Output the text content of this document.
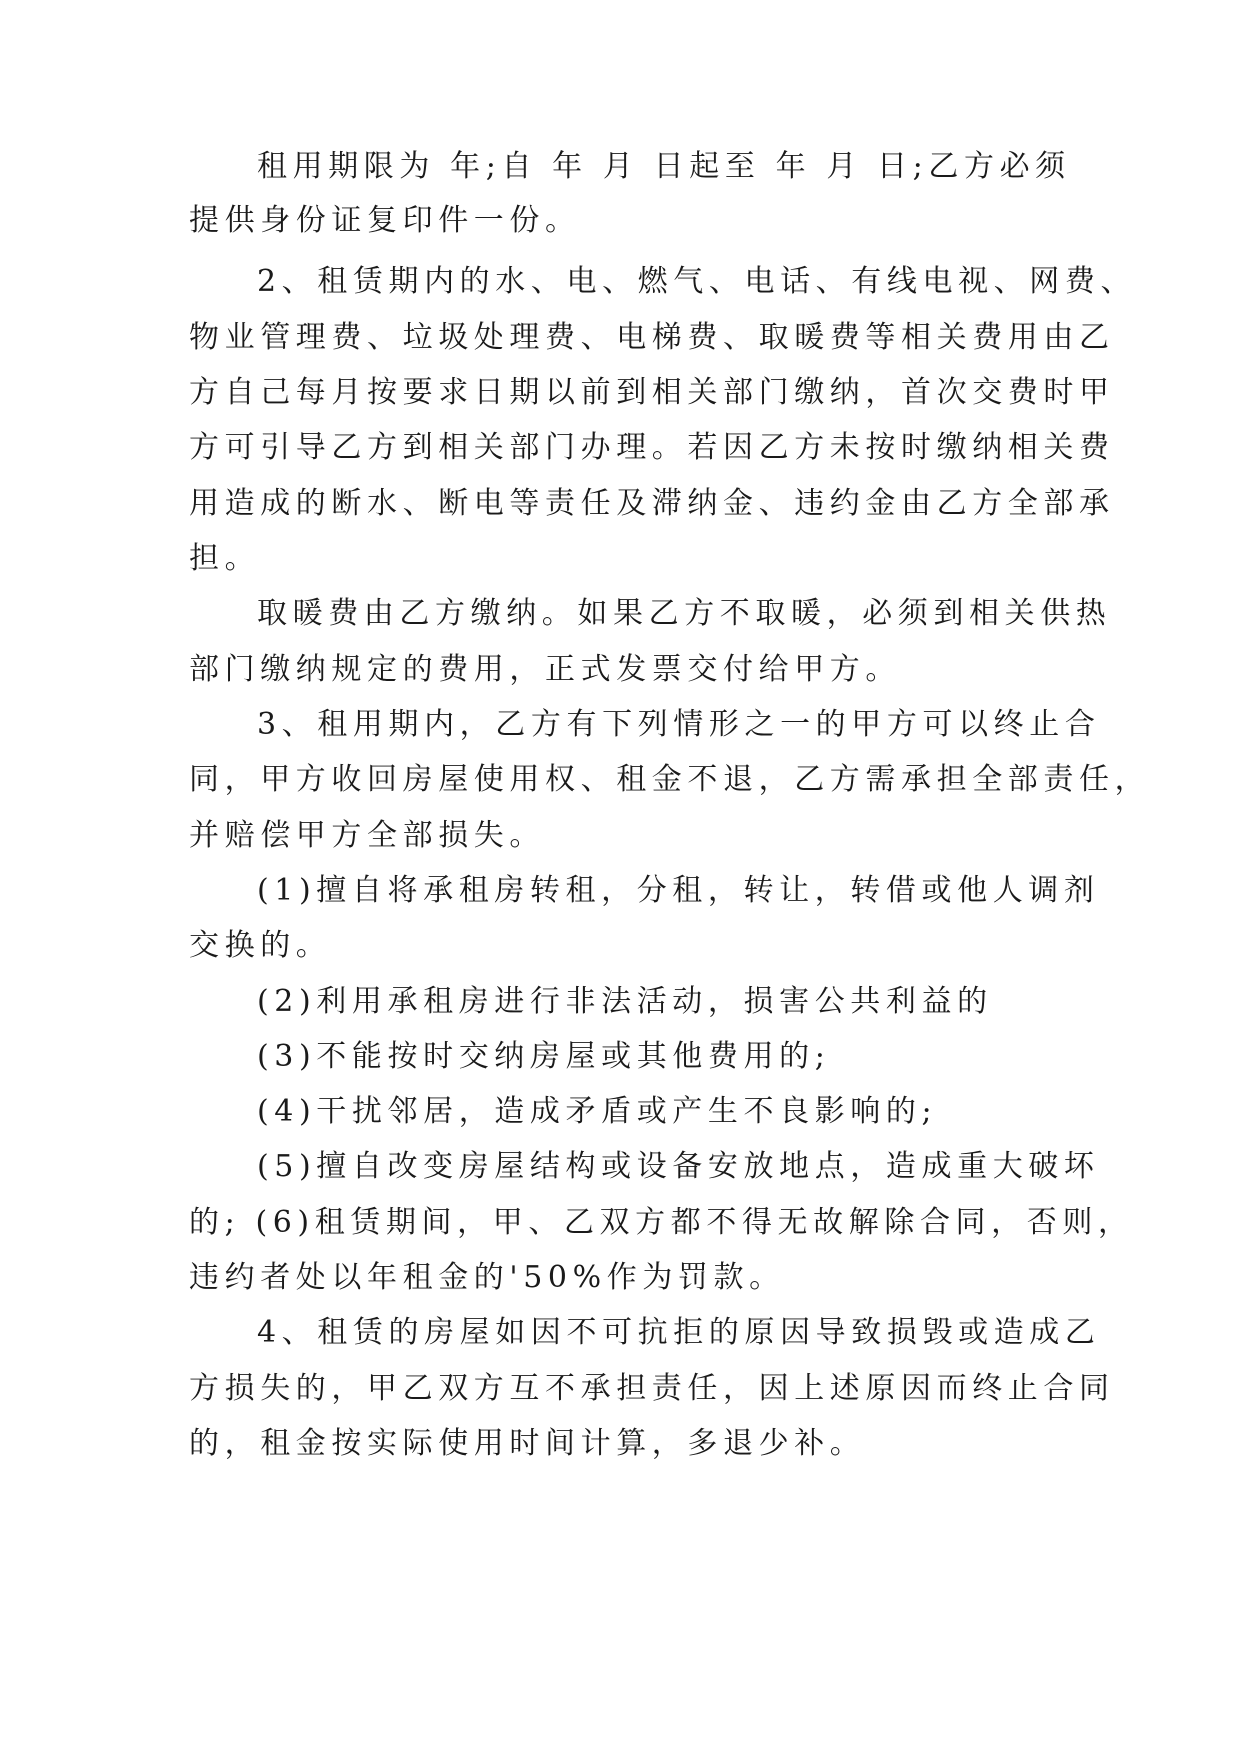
租用期限为 年;自 年 月 日起至 年 月 日;乙方必须
提供身份证复印件一份。
2、租赁期内的水、电、燃气、电话、有线电视、网费、
物业管理费、垃圾处理费、电梯费、取暖费等相关费用由乙
方自己每月按要求日期以前到相关部门缴纳，首次交费时甲
方可引导乙方到相关部门办理。若因乙方未按时缴纳相关费
用造成的断水、断电等责任及滞纳金、违约金由乙方全部承
担。
取暖费由乙方缴纳。如果乙方不取暖，必须到相关供热
部门缴纳规定的费用，正式发票交付给甲方。
3、租用期内，乙方有下列情形之一的甲方可以终止合
同，甲方收回房屋使用权、租金不退，乙方需承担全部责任，
并赔偿甲方全部损失。
(1)擅自将承租房转租，分租，转让，转借或他人调剂
交换的。
(2)利用承租房进行非法活动，损害公共利益的
(3)不能按时交纳房屋或其他费用的;
(4)干扰邻居，造成矛盾或产生不良影响的;
(5)擅自改变房屋结构或设备安放地点，造成重大破坏
的; (6)租赁期间，甲、乙双方都不得无故解除合同，否则，
违约者处以年租金的'50%作为罚款。
4、租赁的房屋如因不可抗拒的原因导致损毁或造成乙
方损失的，甲乙双方互不承担责任，因上述原因而终止合同
的，租金按实际使用时间计算，多退少补。
